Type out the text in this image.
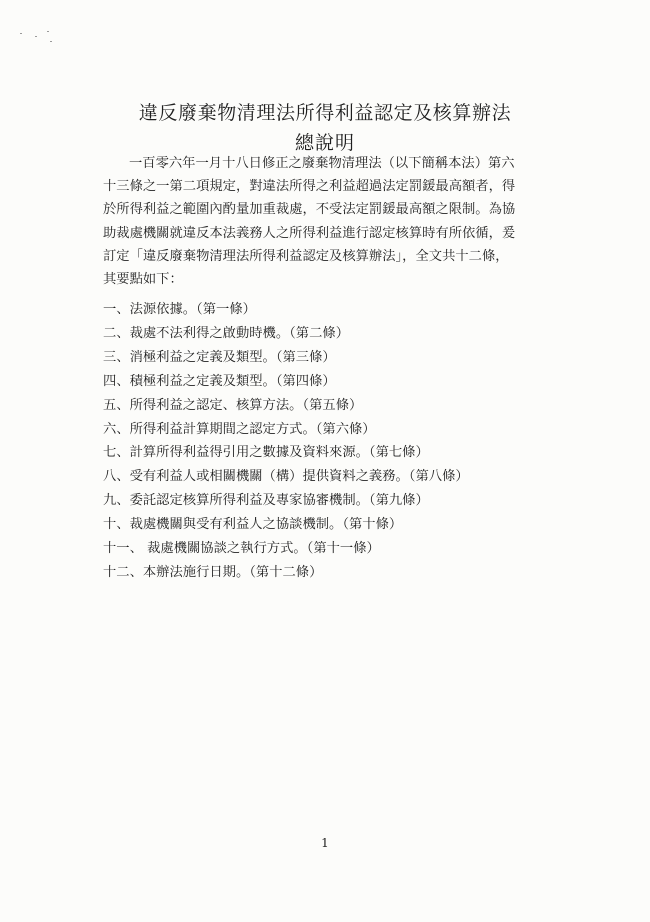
違反廢棄物清理法所得利益認定及核算辦法
總說明
一百零六年一月十八日修正之廢棄物清理法（以下簡稱本法）第六
十三條之一第二項規定，對違法所得之利益超過法定罰鍰最高額者，得
於所得利益之範圍內酌量加重裁處，不受法定罰鍰最高額之限制。為協
助裁處機關就違反本法義務人之所得利益進行認定核算時有所依循，爰
訂定「違反廢棄物清理法所得利益認定及核算辦法」，全文共十二條，
其要點如下：
一、法源依據。（第一條）
二、裁處不法利得之啟動時機。（第二條）
三、消極利益之定義及類型。（第三條）
四、積極利益之定義及類型。（第四條）
五、所得利益之認定、核算方法。（第五條）
六、所得利益計算期間之認定方式。（第六條）
七、計算所得利益得引用之數據及資料來源。（第七條）
八、受有利益人或相關機關（構）提供資料之義務。（第八條）
九、委託認定核算所得利益及專家協審機制。（第九條）
十、裁處機關與受有利益人之協談機制。（第十條）
十一、 裁處機關協談之執行方式。（第十一條）
十二、本辦法施行日期。（第十二條）
1
